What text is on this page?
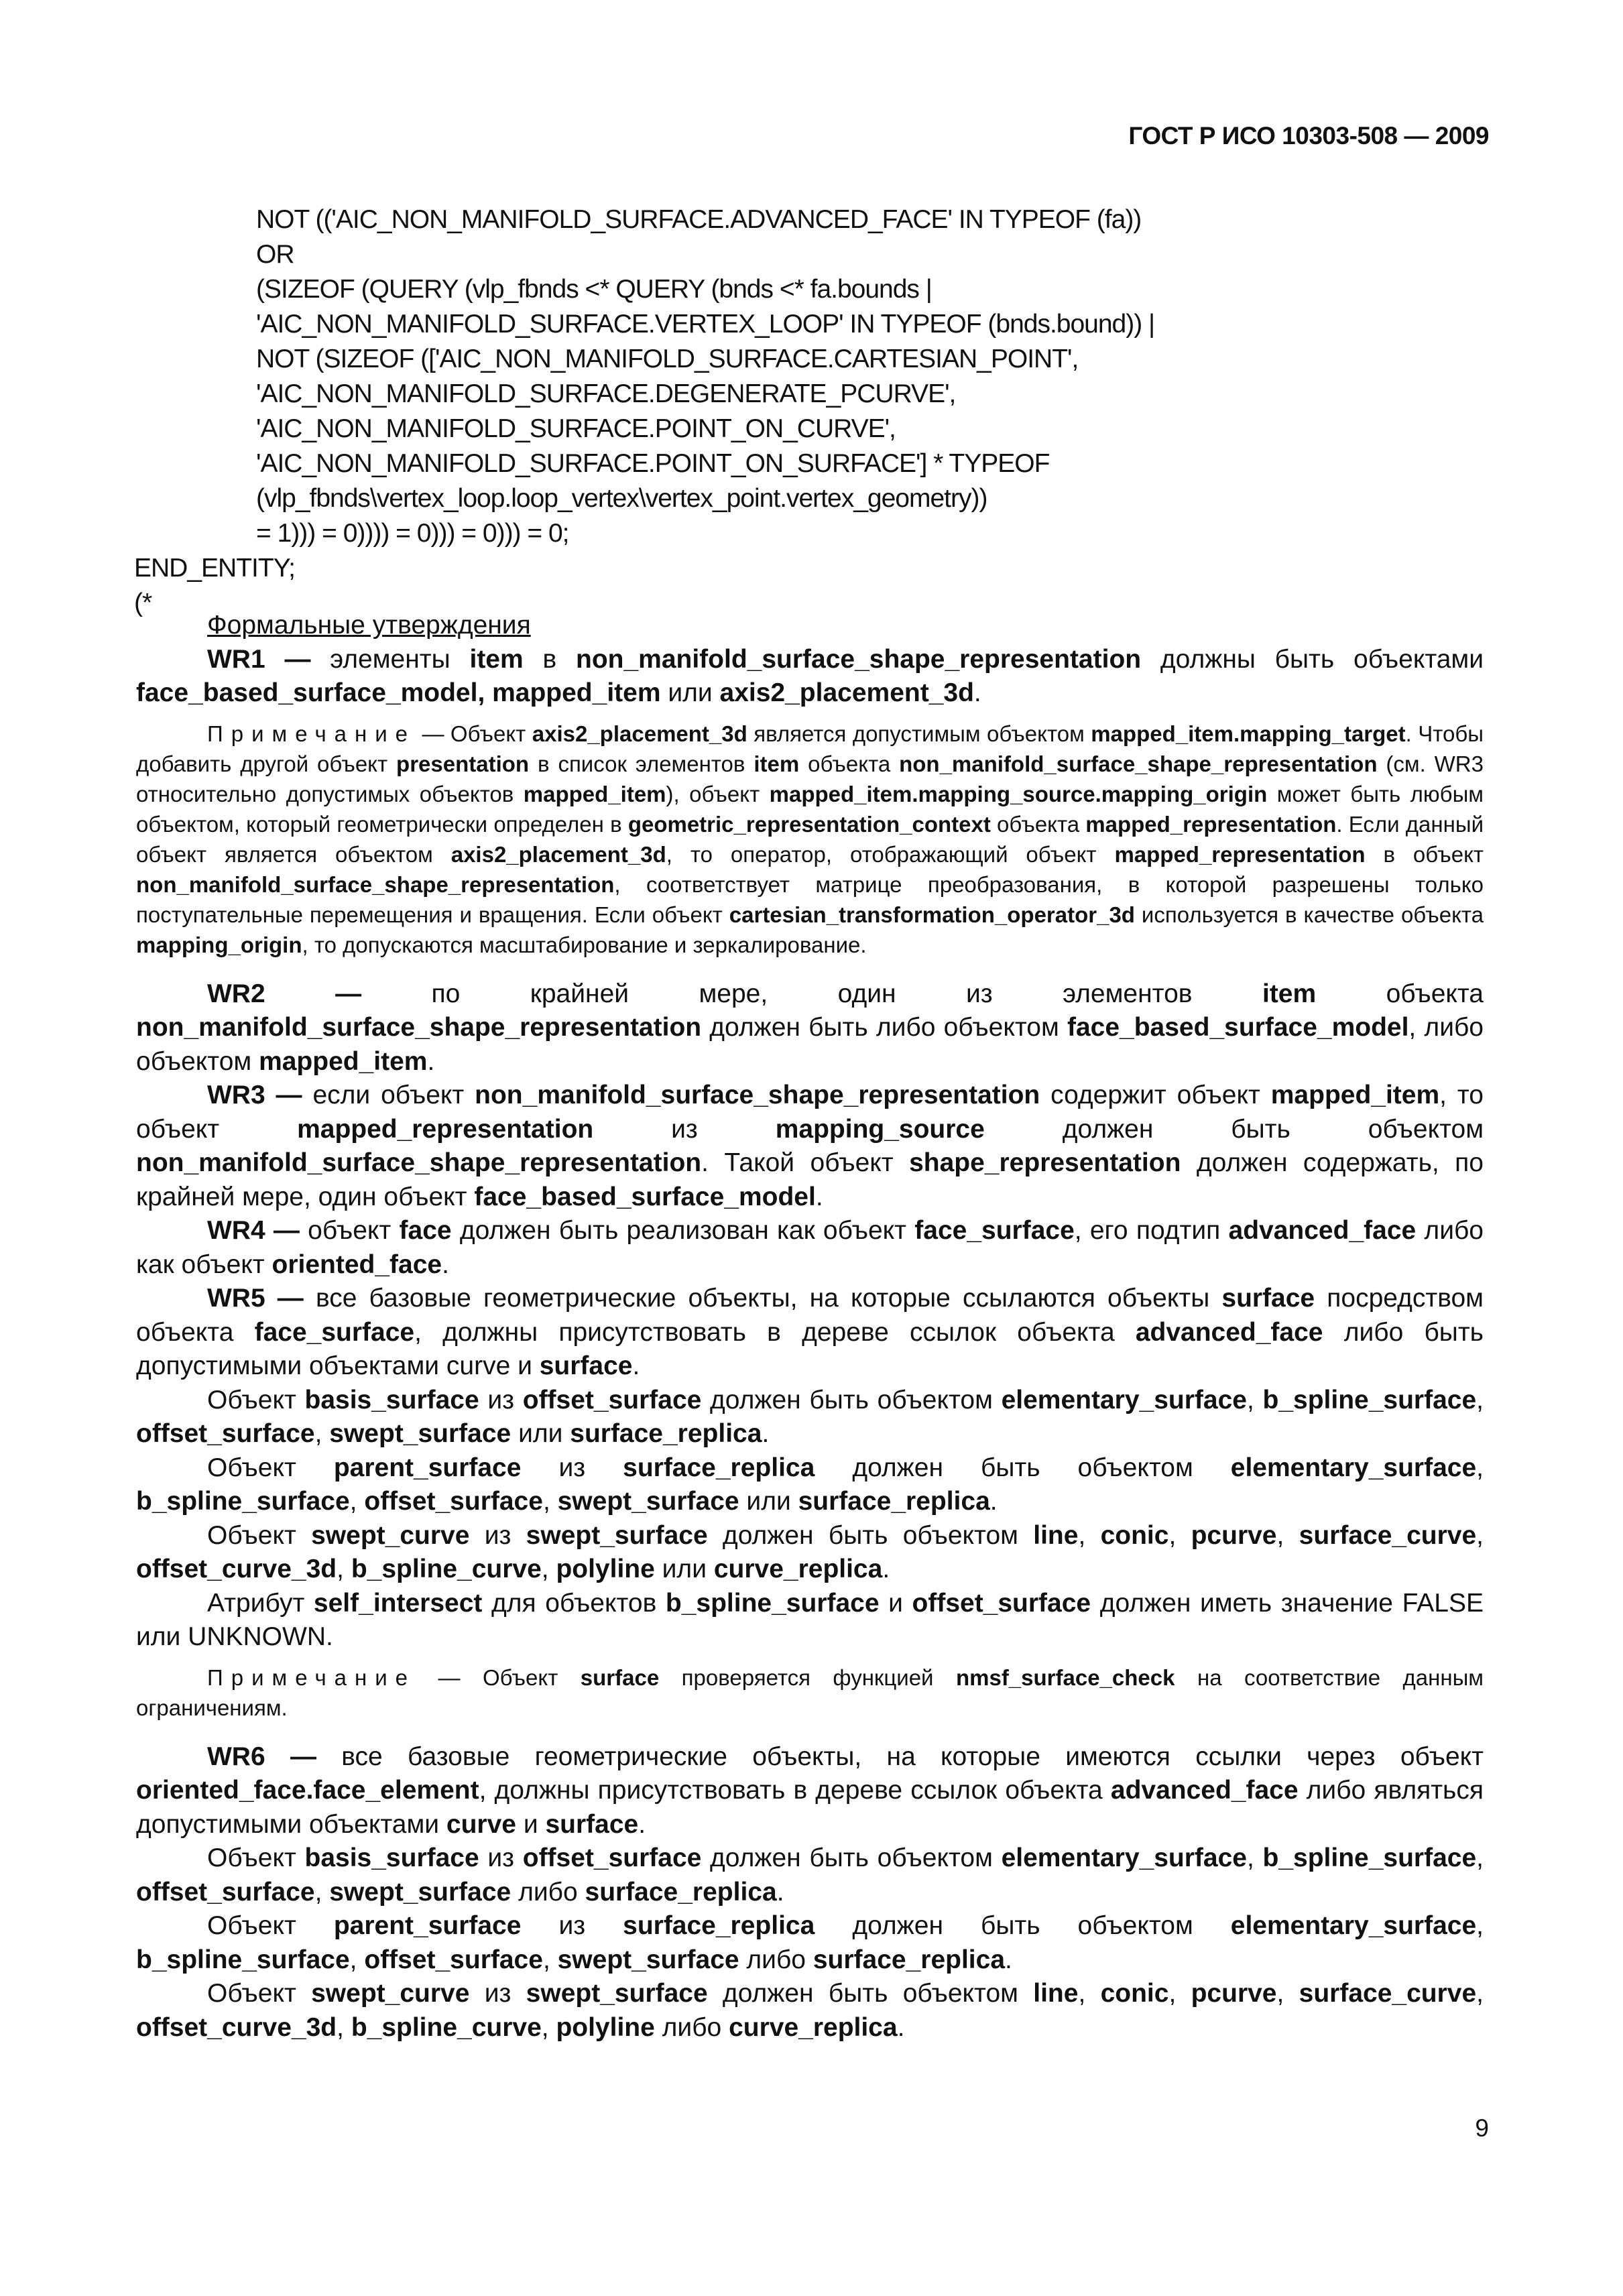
ГОСТ Р ИСО 10303-508 — 2009
NOT (('AIC_NON_MANIFOLD_SURFACE.ADVANCED_FACE' IN TYPEOF (fa))
OR
(SIZEOF (QUERY (vlp_fbnds <* QUERY (bnds <* fa.bounds |
'AIC_NON_MANIFOLD_SURFACE.VERTEX_LOOP' IN TYPEOF (bnds.bound)) |
NOT (SIZEOF (['AIC_NON_MANIFOLD_SURFACE.CARTESIAN_POINT',
'AIC_NON_MANIFOLD_SURFACE.DEGENERATE_PCURVE',
'AIC_NON_MANIFOLD_SURFACE.POINT_ON_CURVE',
'AIC_NON_MANIFOLD_SURFACE.POINT_ON_SURFACE'] * TYPEOF
(vlp_fbnds\vertex_loop.loop_vertex\vertex_point.vertex_geometry))
= 1))) = 0)))) = 0))) = 0))) = 0;
END_ENTITY;
(*

Формальные утверждения

WR1 — элементы item в non_manifold_surface_shape_representation должны быть объектами face_based_surface_model, mapped_item или axis2_placement_3d.

Примечание — Объект axis2_placement_3d является допустимым объектом mapped_item.mapping_target. Чтобы добавить другой объект presentation в список элементов item объекта non_manifold_surface_shape_representation (см. WR3 относительно допустимых объектов mapped_item), объект mapped_item.mapping_source.mapping_origin может быть любым объектом, который геометрически определен в geometric_representation_context объекта mapped_representation. Если данный объект является объектом axis2_placement_3d, то оператор, отображающий объект mapped_representation в объект non_manifold_surface_shape_representation, соответствует матрице преобразования, в которой разрешены только поступательные перемещения и вращения. Если объект cartesian_transformation_operator_3d используется в качестве объекта mapping_origin, то допускаются масштабирование и зеркалирование.

WR2 — по крайней мере, один из элементов item объекта non_manifold_surface_shape_representation должен быть либо объектом face_based_surface_model, либо объектом mapped_item.

WR3 — если объект non_manifold_surface_shape_representation содержит объект mapped_item, то объект mapped_representation из mapping_source должен быть объектом non_manifold_surface_shape_representation. Такой объект shape_representation должен содержать, по крайней мере, один объект face_based_surface_model.

WR4 — объект face должен быть реализован как объект face_surface, его подтип advanced_face либо как объект oriented_face.

WR5 — все базовые геометрические объекты, на которые ссылаются объекты surface посредством объекта face_surface, должны присутствовать в дереве ссылок объекта advanced_face либо быть допустимыми объектами curve и surface.

Объект basis_surface из offset_surface должен быть объектом elementary_surface, b_spline_surface, offset_surface, swept_surface или surface_replica.

Объект parent_surface из surface_replica должен быть объектом elementary_surface, b_spline_surface, offset_surface, swept_surface или surface_replica.

Объект swept_curve из swept_surface должен быть объектом line, conic, pcurve, surface_curve, offset_curve_3d, b_spline_curve, polyline или curve_replica.

Атрибут self_intersect для объектов b_spline_surface и offset_surface должен иметь значение FALSE или UNKNOWN.

Примечание — Объект surface проверяется функцией nmsf_surface_check на соответствие данным ограничениям.

WR6 — все базовые геометрические объекты, на которые имеются ссылки через объект oriented_face.face_element, должны присутствовать в дереве ссылок объекта advanced_face либо являться допустимыми объектами curve и surface.

Объект basis_surface из offset_surface должен быть объектом elementary_surface, b_spline_surface, offset_surface, swept_surface либо surface_replica.

Объект parent_surface из surface_replica должен быть объектом elementary_surface, b_spline_surface, offset_surface, swept_surface либо surface_replica.

Объект swept_curve из swept_surface должен быть объектом line, conic, pcurve, surface_curve, offset_curve_3d, b_spline_curve, polyline либо curve_replica.

9
